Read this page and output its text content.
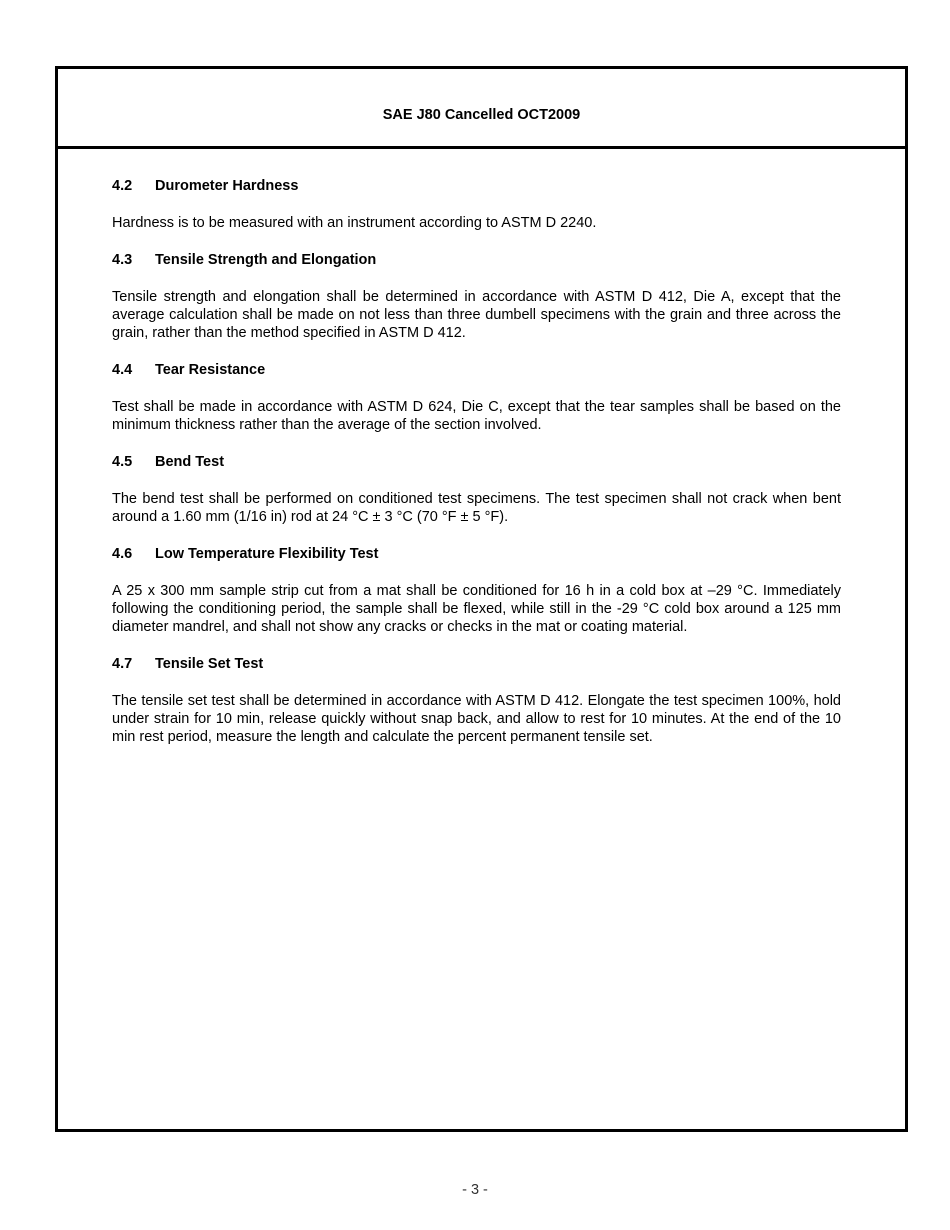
SAE J80 Cancelled OCT2009
4.2 Durometer Hardness

Hardness is to be measured with an instrument according to ASTM D 2240.

4.3 Tensile Strength and Elongation

Tensile strength and elongation shall be determined in accordance with ASTM D 412, Die A, except that the average calculation shall be made on not less than three dumbell specimens with the grain and three across the grain, rather than the method specified in ASTM D 412.

4.4 Tear Resistance

Test shall be made in accordance with ASTM D 624, Die C, except that the tear samples shall be based on the minimum thickness rather than the average of the section involved.

4.5 Bend Test

The bend test shall be performed on conditioned test specimens. The test specimen shall not crack when bent around a 1.60 mm (1/16 in) rod at 24 °C ± 3 °C (70 °F ± 5 °F).

4.6 Low Temperature Flexibility Test

A 25 x 300 mm sample strip cut from a mat shall be conditioned for 16 h in a cold box at –29 °C. Immediately following the conditioning period, the sample shall be flexed, while still in the -29 °C cold box around a 125 mm diameter mandrel, and shall not show any cracks or checks in the mat or coating material.

4.7 Tensile Set Test

The tensile set test shall be determined in accordance with ASTM D 412. Elongate the test specimen 100%, hold under strain for 10 min, release quickly without snap back, and allow to rest for 10 minutes. At the end of the 10 min rest period, measure the length and calculate the percent permanent tensile set.

- 3 -
